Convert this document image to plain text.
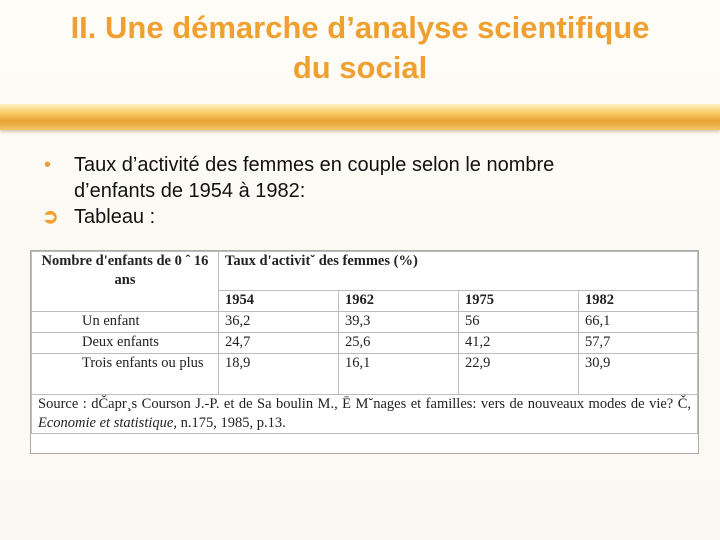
II. Une démarche d’analyse scientifique
du social
• Taux d’activité des femmes en couple selon le nombre
d’enfants de 1954 à 1982:
➲ Tableau :
Nombre d'enfants de 0 ˆ 16 ans	Taux d'activitˇ des femmes (%)			
	1954	1962	1975	1982
Un enfant	36,2	39,3	56	66,1
Deux enfants	24,7	25,6	41,2	57,7
Trois enfants ou plus	18,9	16,1	22,9	30,9
Source : dČapr¸s Courson J.-P. et de Sa boulin M., Ē M˘nages et familles: vers de nouveaux modes de vie? Č, Economie et statistique, n.175, 1985, p.13.				
